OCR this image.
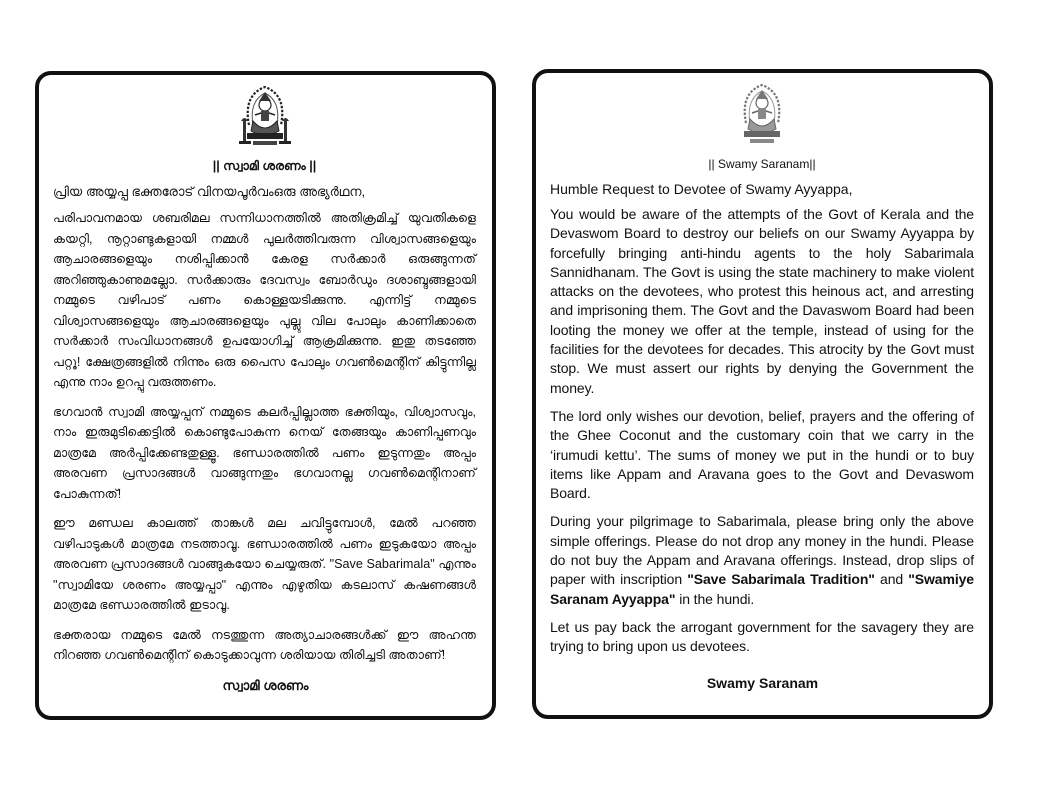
|| സ്വാമി ശരണം ||
പ്രിയ അയ്യപ്പ ഭക്തരോട് വിനയപൂർവംഒരു അഭ്യർഥന,

പരിപാവനമായ ശബരിമല സന്നിധാനത്തിൽ അതിക്രമിച്ച് യുവതികളെ കയറ്റി, നൂറ്റാണ്ടുകളായി നമ്മൾ പുലർത്തിവരുന്ന വിശ്വാസങ്ങളെയും ആചാരങ്ങളെയും നശിപ്പിക്കാൻ കേരള സർക്കാർ ഒരുങ്ങുന്നത് അറിഞ്ഞുകാണുമല്ലോ. സർക്കാരും ദേവസ്വം ബോർഡും ദശാബ്ദങ്ങളായി നമ്മുടെ വഴിപാട് പണം കൊള്ളയടിക്കുന്നു. എന്നിട്ട് നമ്മുടെ വിശ്വാസങ്ങളെയും ആചാരങ്ങളെയും പുല്ലു വില പോലും കാണിക്കാതെ സർക്കാർ സംവിധാനങ്ങൾ ഉപയോഗിച്ച് ആക്രമിക്കുന്നു. ഇതു തടഞ്ഞേ പറ്റൂ! ക്ഷേത്രങ്ങളിൽ നിന്നും ഒരു പൈസ പോലും ഗവൺമെന്റിന് കിട്ടുന്നില്ല എന്നു നാം ഉറപ്പു വരുത്തണം.

ഭഗവാൻ സ്വാമി അയ്യപ്പന് നമ്മുടെ കലർപ്പില്ലാത്ത ഭക്തിയും, വിശ്വാസവും, നാം ഇരുമുടിക്കെട്ടിൽ കൊണ്ടുപോകുന്ന നെയ് തേങ്ങയും കാണിപ്പണവും മാത്രമേ അർപ്പിക്കേണ്ടതുള്ളൂ. ഭണ്ഡാരത്തിൽ പണം ഇടുന്നതും അപ്പം അരവണ പ്രസാദങ്ങൾ വാങ്ങുന്നതും ഭഗവാനല്ല ഗവൺമെന്റിനാണ് പോകുന്നത്!

ഈ മണ്ഡല കാലത്ത് താങ്കൾ മല ചവിട്ടുമ്പോൾ, മേൽ പറഞ്ഞ വഴിപാടുകൾ മാത്രമേ നടത്താവൂ. ഭണ്ഡാരത്തിൽ പണം ഇടുകയോ അപ്പം അരവണ പ്രസാദങ്ങൾ വാങ്ങുകയോ ചെയ്യരുത്. "Save Sabarimala" എന്നും "സ്വാമിയേ ശരണം അയ്യപ്പാ" എന്നും എഴുതിയ കടലാസ് കഷണങ്ങൾ മാത്രമേ ഭണ്ഡാരത്തിൽ ഇടാവൂ.

ഭക്തരായ നമ്മുടെ മേൽ നടത്തുന്ന അത്യാചാരങ്ങൾക്ക് ഈ അഹന്ത നിറഞ്ഞ ഗവൺമെന്റിന് കൊടുക്കാവുന്ന ശരിയായ തിരിച്ചടി അതാണ്!

സ്വാമി ശരണം
|| Swamy Saranam||
Humble Request to Devotee of Swamy Ayyappa,

You would be aware of the attempts of the Govt of Kerala and the Devaswom Board to destroy our beliefs on our Swamy Ayyappa by forcefully bringing anti-hindu agents to the holy Sabarimala Sannidhanam. The Govt is using the state machinery to make violent attacks on the devotees, who protest this heinous act, and arresting and imprisoning them. The Govt and the Davaswom Board had been looting the money we offer at the temple, instead of using for the facilities for the devotees for decades. This atrocity by the Govt must stop. We must assert our rights by denying the Government the money.

The lord only wishes our devotion, belief, prayers and the offering of the Ghee Coconut and the customary coin that we carry in the ‘irumudi kettu’. The sums of money we put in the hundi or to buy items like Appam and Aravana goes to the Govt and Devaswom Board.

During your pilgrimage to Sabarimala, please bring only the above simple offerings. Please do not drop any money in the hundi. Please do not buy the Appam and Aravana offerings. Instead, drop slips of paper with inscription "Save Sabarimala Tradition" and "Swamiye Saranam Ayyappa" in the hundi.

Let us pay back the arrogant government for the savagery they are trying to bring upon us devotees.

Swamy Saranam
